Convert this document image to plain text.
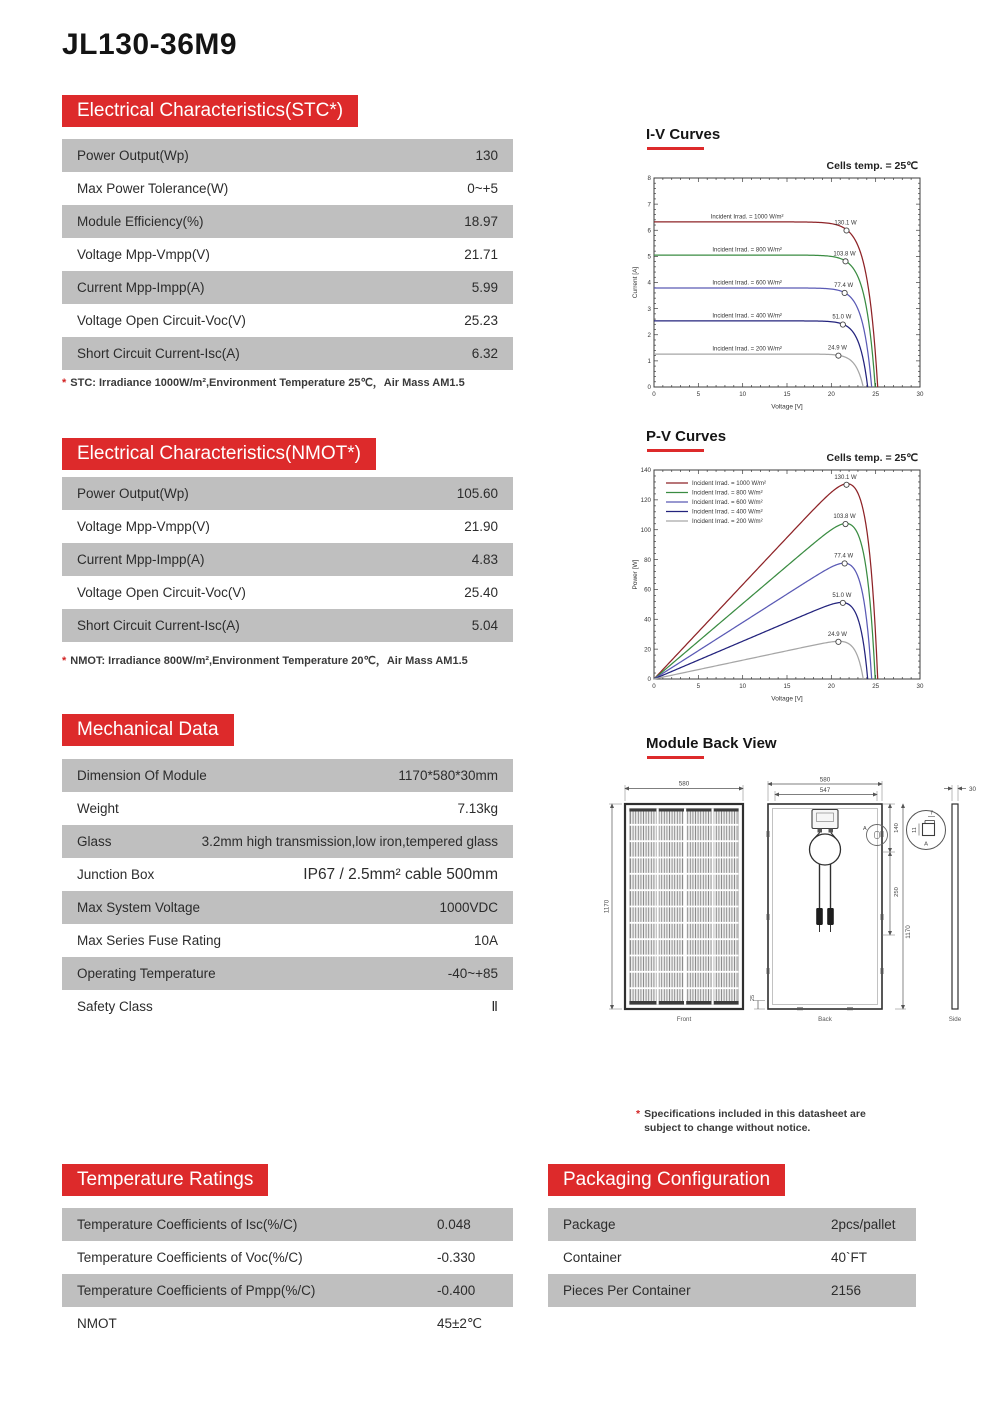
JL130-36M9
Electrical Characteristics(STC*)
Electrical Characteristics(NMOT*)
Mechanical Data
Temperature Ratings	Packaging Configuration
Power Output(Wp)	130
Max Power Tolerance(W)	0~+5
Module Efficiency(%)	18.97
Voltage Mpp-Vmpp(V)	21.71
Current Mpp-Impp(A)	5.99
Voltage Open Circuit-Voc(V)	25.23
Short Circuit Current-Isc(A)	6.32
Power Output(Wp)	105.60
Voltage Mpp-Vmpp(V)	21.90
Current Mpp-Impp(A)	4.83
Voltage Open Circuit-Voc(V)	25.40
Short Circuit Current-Isc(A)	5.04
Dimension Of Module	1170*580*30mm
Weight	7.13kg
Glass	3.2mm high transmission,low iron,tempered glass
Junction Box	IP67 / 2.5mm² cable 500mm
Max System Voltage	1000VDC
Max Series Fuse Rating	10A
Operating Temperature	-40~+85
Safety Class	Ⅱ
Temperature Coefficients of Isc(%/C)	0.048
Temperature Coefficients of Voc(%/C)	-0.330
Temperature Coefficients of Pmpp(%/C)	-0.400
NMOT	45±2℃
Package	2pcs/pallet
Container	40`FT
Pieces Per Container	2156
* STC: Irradiance 1000W/m²,Environment Temperature 25℃，Air Mass AM1.5
* NMOT: Irradiance 800W/m²,Environment Temperature 20℃，Air Mass AM1.5
I-V Curves
Cells temp. = 25℃
0	5	10	15	20	25	30
0
1
2
3
4
5
6
7
8
Voltage [V]
Current [A]
130.1 W
Incident Irrad. = 1000 W/m²
103.8 W
Incident Irrad. = 800 W/m²
77.4 W
Incident Irrad. = 600 W/m²
51.0 W
Incident Irrad. = 400 W/m²
24.9 W
Incident Irrad. = 200 W/m²
P-V Curves
Cells temp. = 25℃
0	5	10	15	20	25	30
0
20
40
60
80
100
120
140
Voltage [V]
Power [W]
130.1 W
103.8 W
77.4 W
51.0 W
24.9 W
Incident Irrad. = 1000 W/m²
Incident Irrad. = 800 W/m²
Incident Irrad. = 600 W/m²
Incident Irrad. = 400 W/m²
Incident Irrad. = 200 W/m²
Module Back View
580
1170
Front
A
580
547
140
250
1170
25
Back
7
11
A
30
Side
* Specifications included in this datasheet are subject to change without notice.
